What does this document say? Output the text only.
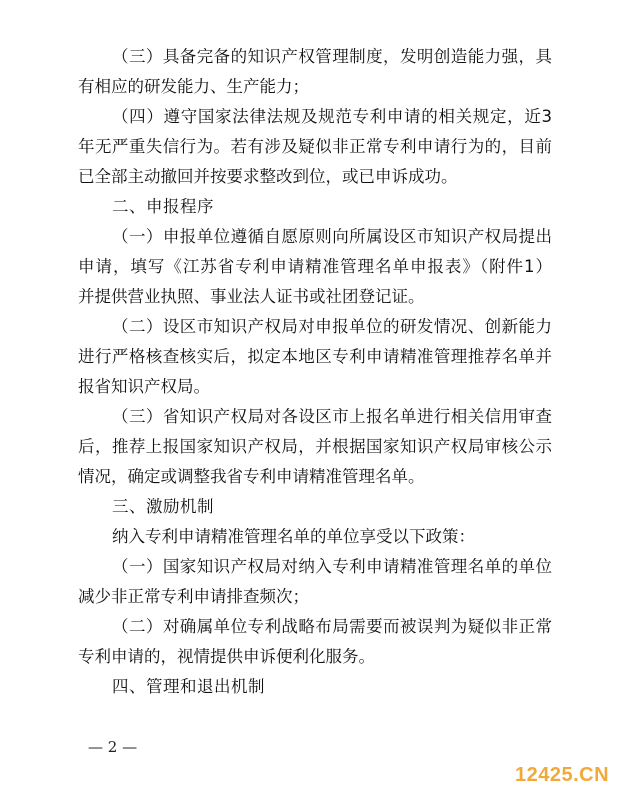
（三）具备完备的知识产权管理制度，发明创造能力强，具
有相应的研发能力、生产能力；
（四）遵守国家法律法规及规范专利申请的相关规定，近3
年无严重失信行为。若有涉及疑似非正常专利申请行为的，目前
已全部主动撤回并按要求整改到位，或已申诉成功。
二、申报程序
（一）申报单位遵循自愿原则向所属设区市知识产权局提出
申请，填写《江苏省专利申请精准管理名单申报表》（附件1）
并提供营业执照、事业法人证书或社团登记证。
（二）设区市知识产权局对申报单位的研发情况、创新能力
进行严格核查核实后，拟定本地区专利申请精准管理推荐名单并
报省知识产权局。
（三）省知识产权局对各设区市上报名单进行相关信用审查
后，推荐上报国家知识产权局，并根据国家知识产权局审核公示
情况，确定或调整我省专利申请精准管理名单。
三、激励机制
纳入专利申请精准管理名单的单位享受以下政策：
（一）国家知识产权局对纳入专利申请精准管理名单的单位
减少非正常专利申请排查频次；
（二）对确属单位专利战略布局需要而被误判为疑似非正常
专利申请的，视情提供申诉便利化服务。
四、管理和退出机制
— 2 —
12425.CN
